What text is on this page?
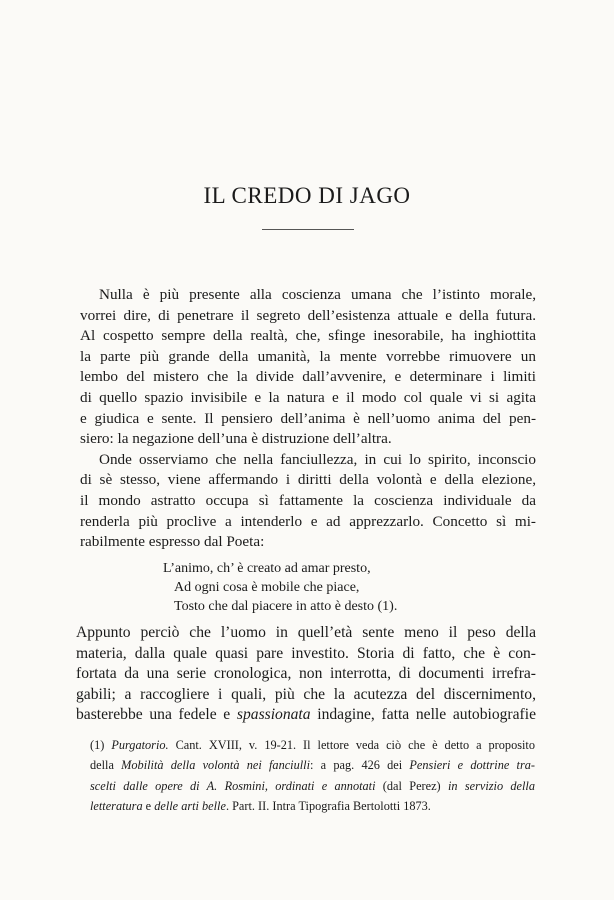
IL CREDO DI JAGO
Nulla è più presente alla coscienza umana che l’istinto morale,
vorrei dire, di penetrare il segreto dell’esistenza attuale e della futura.
Al cospetto sempre della realtà, che, sfinge inesorabile, ha inghiottita
la parte più grande della umanità, la mente vorrebbe rimuovere un
lembo del mistero che la divide dall’avvenire, e determinare i limiti
di quello spazio invisibile e la natura e il modo col quale vi si agita
e giudica e sente. Il pensiero dell’anima è nell’uomo anima del pen-
siero: la negazione dell’una è distruzione dell’altra.
Onde osserviamo che nella fanciullezza, in cui lo spirito, inconscio
di sè stesso, viene affermando i diritti della volontà e della elezione,
il mondo astratto occupa sì fattamente la coscienza individuale da
renderla più proclive a intenderlo e ad apprezzarlo. Concetto sì mi-
rabilmente espresso dal Poeta:
L’animo, ch’ è creato ad amar presto,
Ad ogni cosa è mobile che piace,
Tosto che dal piacere in atto è desto (1).
Appunto perciò che l’uomo in quell’età sente meno il peso della
materia, dalla quale quasi pare investito. Storia di fatto, che è con-
fortata da una serie cronologica, non interrotta, di documenti irrefra-
gabili; a raccogliere i quali, più che la acutezza del discernimento,
basterebbe una fedele e spassionata indagine, fatta nelle autobiografie
(1) Purgatorio. Cant. XVIII, v. 19-21. Il lettore veda ciò che è detto a proposito
della Mobilità della volontà nei fanciulli: a pag. 426 dei Pensieri e dottrine tra-
scelti dalle opere di A. Rosmini, ordinati e annotati (dal Perez) in servizio della
letteratura e delle arti belle. Part. II. Intra Tipografia Bertolotti 1873.
